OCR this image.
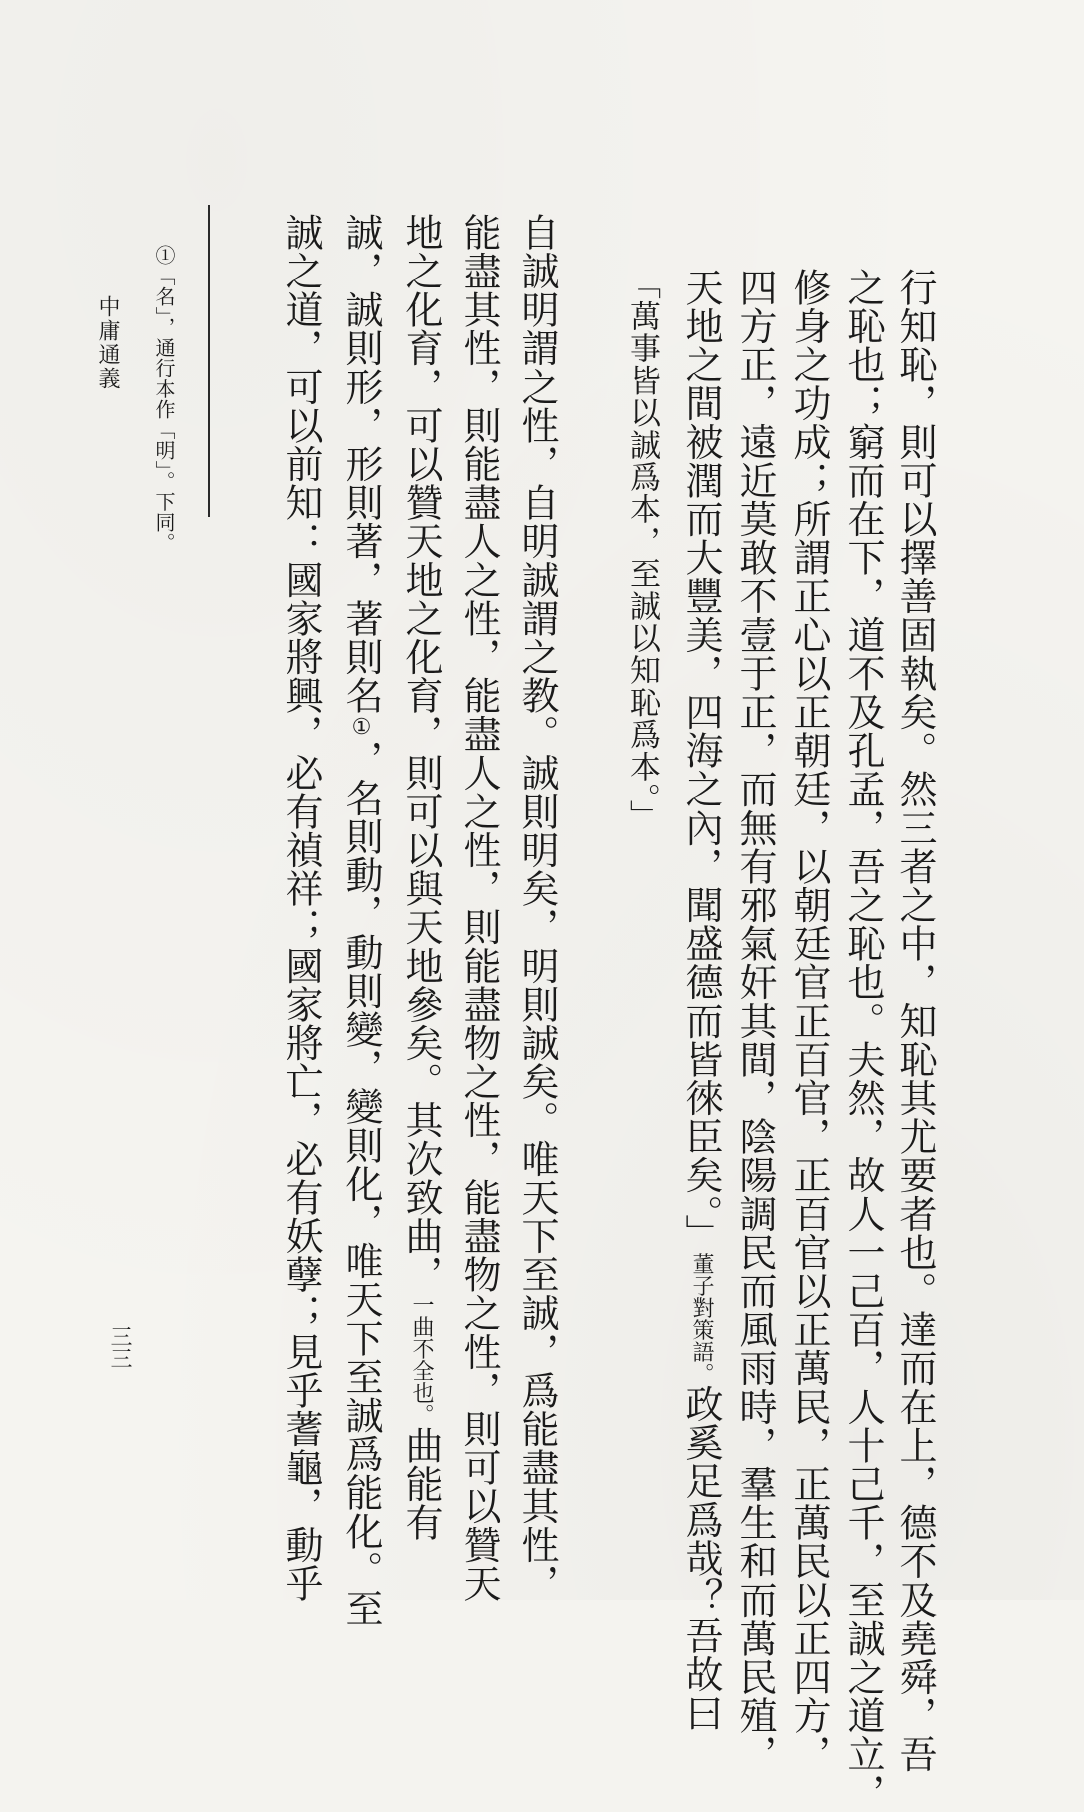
行知恥，則可以擇善固執矣。然三者之中，知恥其尤要者也。達而在上，德不及堯舜，吾
之恥也；窮而在下，道不及孔孟，吾之恥也。夫然，故人一己百，人十己千，至誠之道立，
修身之功成；所謂正心以正朝廷，以朝廷官正百官，正百官以正萬民，正萬民以正四方，
四方正，遠近莫敢不壹于正，而無有邪氣奸其間，陰陽調民而風雨時，羣生和而萬民殖，
天地之間被潤而大豐美，四海之內，聞盛德而皆徠臣矣。」董子對策語。政奚足爲哉？吾故曰
「萬事皆以誠爲本，至誠以知恥爲本。」
自誠明謂之性，自明誠謂之教。誠則明矣，明則誠矣。唯天下至誠，爲能盡其性，
能盡其性，則能盡人之性，能盡人之性，則能盡物之性，能盡物之性，則可以贊天
地之化育，可以贊天地之化育，則可以與天地參矣。其次致曲，一曲不全也。曲能有
誠，誠則形，形則著，著則名①，名則動，動則變，變則化，唯天下至誠爲能化。至
誠之道，可以前知：國家將興，必有禎祥；國家將亡，必有妖孽；見乎蓍龜，動乎
①「名」，通行本作「明」。下同。
中庸通義
三三
